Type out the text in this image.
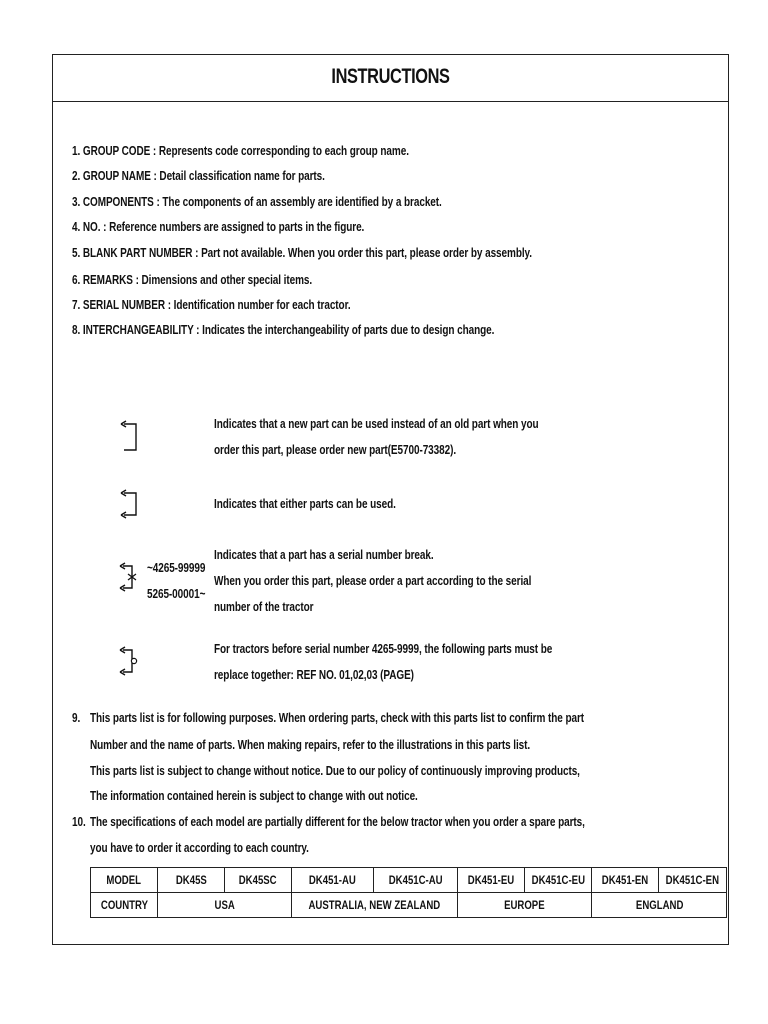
INSTRUCTIONS
1. GROUP CODE : Represents code corresponding to each group name.
2. GROUP NAME : Detail classification name for parts.
3. COMPONENTS : The components of an assembly are identified by a bracket.
4. NO. : Reference numbers are assigned to parts in the figure.
5. BLANK PART NUMBER : Part not available. When you order this part, please order by assembly.
6. REMARKS : Dimensions and other special items.
7. SERIAL NUMBER : Identification number for each tractor.
8. INTERCHANGEABILITY : Indicates the interchangeability of parts due to design change.
Indicates that a new part can be used instead of an old part when you
order this part, please order new part(E5700-73382).
Indicates that either parts can be used.
~4265-99999
5265-00001~
Indicates that a part has a serial number break.
When you order this part, please order a part according to the serial
number of the tractor
For tractors before serial number 4265-9999, the following parts must be
replace together: REF NO. 01,02,03 (PAGE)
9. This parts list is for following purposes. When ordering parts, check with this parts list to confirm the part
Number and the name of parts. When making repairs, refer to the illustrations in this parts list.
This parts list is subject to change without notice. Due to our policy of continuously improving products,
The information contained herein is subject to change with out notice.
10. The specifications of each model are partially different for the below tractor when you order a spare parts,
you have to order it according to each country.
MODEL	DK45S	DK45SC	DK451-AU	DK451C-AU	DK451-EU	DK451C-EU	DK451-EN	DK451C-EN
COUNTRY	USA		AUSTRALIA, NEW ZEALAND		EUROPE		ENGLAND	
